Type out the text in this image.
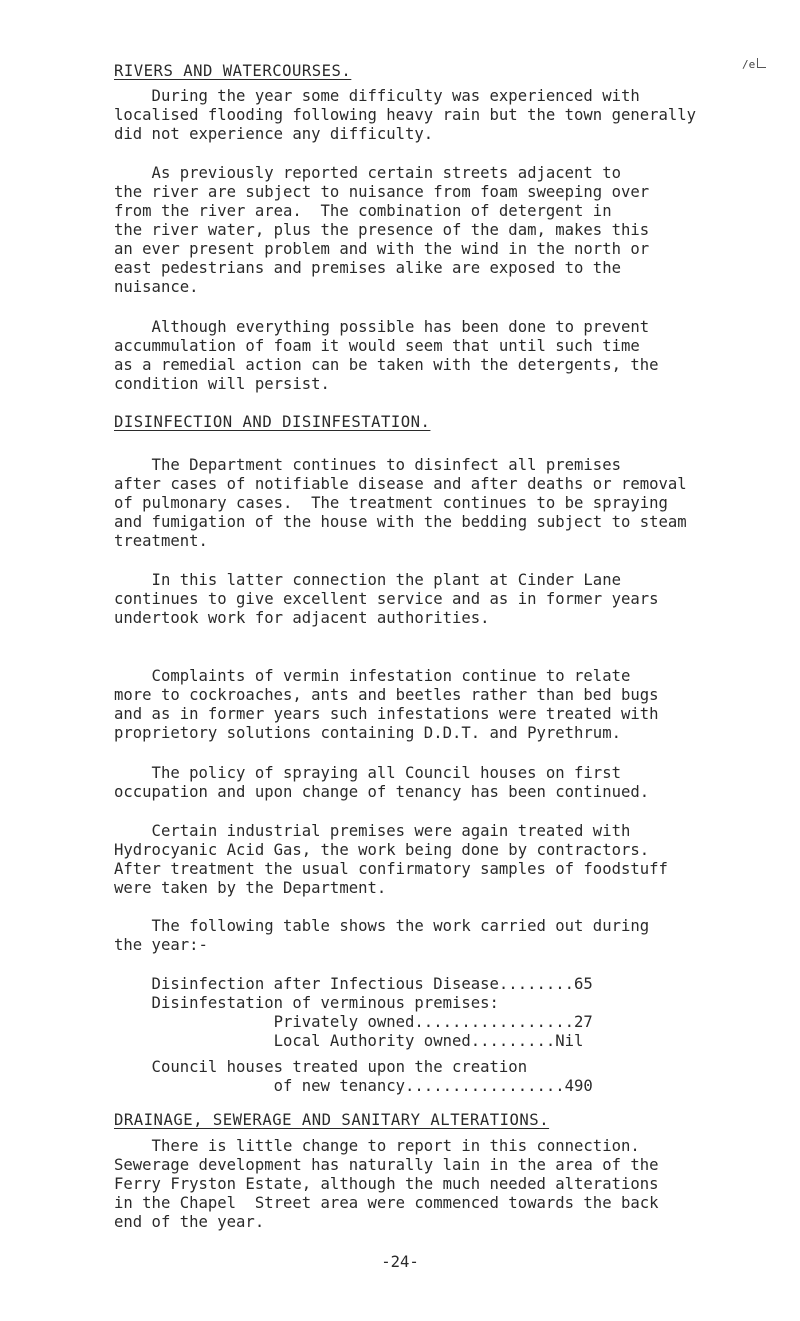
/e
RIVERS AND WATERCOURSES.
During the year some difficulty was experienced with
localised flooding following heavy rain but the town generally
did not experience any difficulty.
As previously reported certain streets adjacent to
the river are subject to nuisance from foam sweeping over
from the river area.  The combination of detergent in
the river water, plus the presence of the dam, makes this
an ever present problem and with the wind in the north or
east pedestrians and premises alike are exposed to the
nuisance.
Although everything possible has been done to prevent
accummulation of foam it would seem that until such time
as a remedial action can be taken with the detergents, the
condition will persist.
DISINFECTION AND DISINFESTATION.
The Department continues to disinfect all premises
after cases of notifiable disease and after deaths or removal
of pulmonary cases.  The treatment continues to be spraying
and fumigation of the house with the bedding subject to steam
treatment.
In this latter connection the plant at Cinder Lane
continues to give excellent service and as in former years
undertook work for adjacent authorities.
Complaints of vermin infestation continue to relate
more to cockroaches, ants and beetles rather than bed bugs
and as in former years such infestations were treated with
proprietory solutions containing D.D.T. and Pyrethrum.
The policy of spraying all Council houses on first
occupation and upon change of tenancy has been continued.
Certain industrial premises were again treated with
Hydrocyanic Acid Gas, the work being done by contractors.
After treatment the usual confirmatory samples of foodstuff
were taken by the Department.
The following table shows the work carried out during
the year:-
Disinfection after Infectious Disease........65
Disinfestation of verminous premises:
Privately owned.................27
Local Authority owned.........Nil
Council houses treated upon the creation
of new tenancy.................490
DRAINAGE, SEWERAGE AND SANITARY ALTERATIONS.
There is little change to report in this connection.
Sewerage development has naturally lain in the area of the
Ferry Fryston Estate, although the much needed alterations
in the Chapel  Street area were commenced towards the back
end of the year.
-24-
